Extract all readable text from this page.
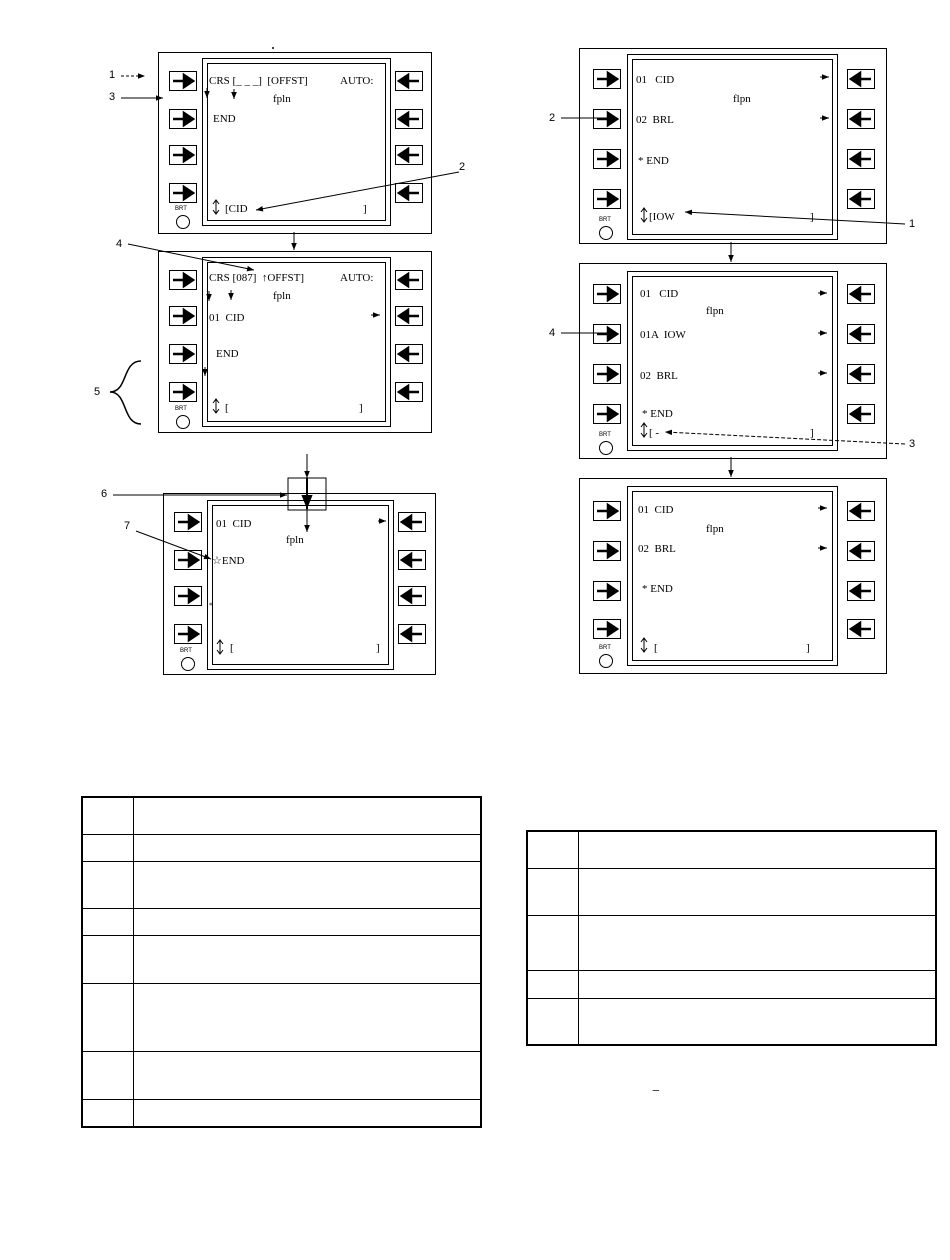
BRT
CRS [_ _ _]  [OFFST]	AUTO:
fpln
END
[CID	]
BRT
CRS [087]  ↑OFFST]	AUTO:
fpln
01  CID
END
[	]
BRT
01  CID
fpln
☆END
[	]
BRT
01   CID
flpn
02  BRL
* END
[IOW	]
BRT
01   CID
flpn
01A  IOW
02  BRL
* END
[ -	]
BRT
01  CID
flpn
02  BRL
* END
[	]
1
3
2
4
5
6
7
2
1
4
3
*

−
